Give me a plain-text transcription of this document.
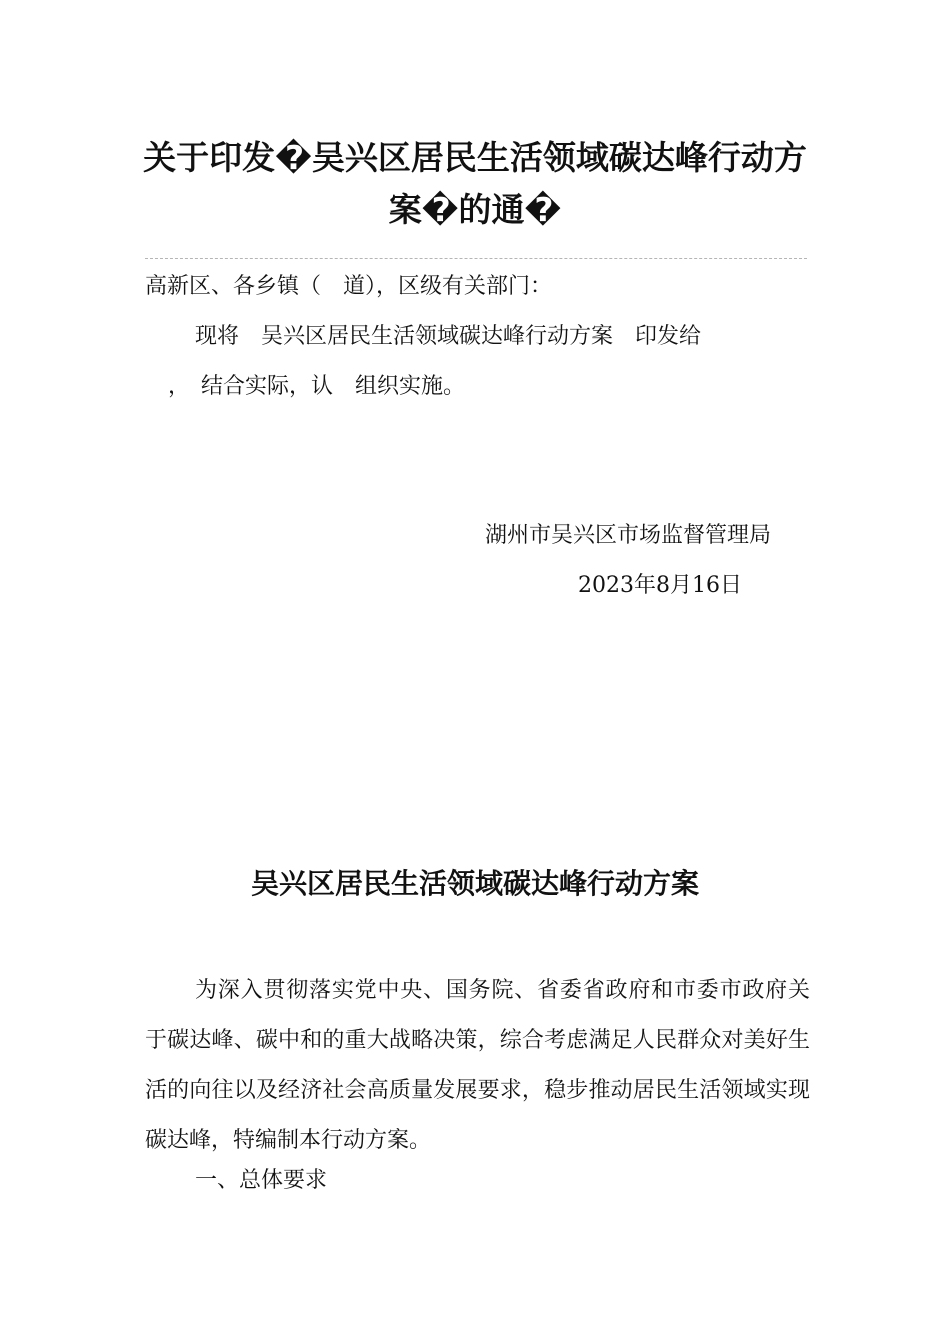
关于印发�吴兴区居民生活领域碳达峰行动方
案�的通�
高新区、各乡镇（　道），区级有关部门：
现将　吴兴区居民生活领域碳达峰行动方案　印发给
，　结合实际，认　组织实施。
湖州市吴兴区市场监督管理局
2023年8月16日
吴兴区居民生活领域碳达峰行动方案
为深入贯彻落实党中央、国务院、省委省政府和市委市政府关于碳达峰、碳中和的重大战略决策，综合考虑满足人民群众对美好生活的向往以及经济社会高质量发展要求，稳步推动居民生活领域实现碳达峰，特编制本行动方案。
一、总体要求
